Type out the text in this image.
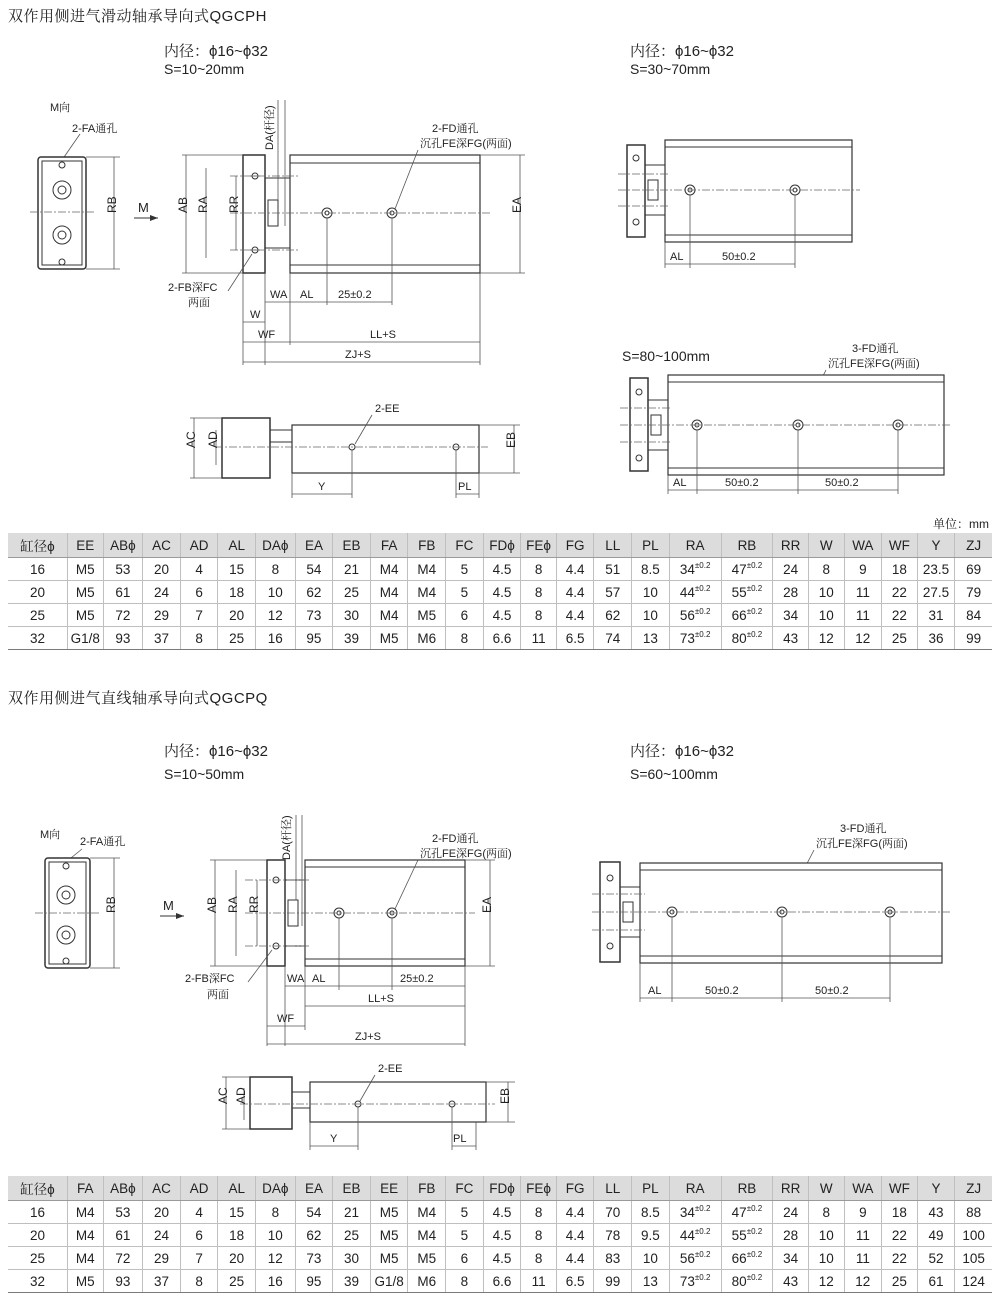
双作用侧进气滑动轴承导向式QGCPH
内径：ϕ16~ϕ32
S=10~20mm
内径：ϕ16~ϕ32
S=30~70mm
S=80~100mm
M向
2-FA通孔
RB M AB RA RR
DA(杆径)	2-FD通孔
沉孔FE深FG(两面)
EA
2-FB深FC
两面
WA AL 25±0.2
W
WF	LL+S
ZJ+S
AC AD
2-EE
EB
Y	PL
AL	50±0.2
3-FD通孔
沉孔FE深FG(两面)
AL	50±0.2	50±0.2
单位：mm
缸径ϕ	EE	ABϕ	AC	AD	AL	DAϕ	EA	EB	FA	FB	FC	FDϕ	FEϕ	FG	LL	PL	RA	RB	RR	W	WA	WF	Y	ZJ
16	M5	53	20	4	15	8	54	21	M4	M4	5	4.5	8	4.4	51	8.5	$34^{\pm 0.2}$	$47^{\pm 0.2}$	24	8	9	18	23.5	69
20	M5	61	24	6	18	10	62	25	M4	M4	5	4.5	8	4.4	57	10	$44^{\pm 0.2}$	$55^{\pm 0.2}$	28	10	11	22	27.5	79
25	M5	72	29	7	20	12	73	30	M4	M5	6	4.5	8	4.4	62	10	$56^{\pm 0.2}$	$66^{\pm 0.2}$	34	10	11	22	31	84
32	G1/8	93	37	8	25	16	95	39	M5	M6	8	6.6	11	6.5	74	13	$73^{\pm 0.2}$	$80^{\pm 0.2}$	43	12	12	25	36	99
双作用侧进气直线轴承导向式QGCPQ
内径：ϕ16~ϕ32
S=10~50mm
内径：ϕ16~ϕ32
S=60~100mm
M向
2-FA通孔
RB	M	AB RA RR
DA(杆径)	2-FD通孔
沉孔FE深FG(两面)
EA
2-FB深FC
两面
WA AL	25±0.2
LL+S
WF
ZJ+S
AC AD
2-EE
EB
Y	PL
3-FD通孔
沉孔FE深FG(两面)
AL	50±0.2	50±0.2
缸径ϕ	FA	ABϕ	AC	AD	AL	DAϕ	EA	EB	EE	FB	FC	FDϕ	FEϕ	FG	LL	PL	RA	RB	RR	W	WA	WF	Y	ZJ
16	M4	53	20	4	15	8	54	21	M5	M4	5	4.5	8	4.4	70	8.5	$34^{\pm 0.2}$	$47^{\pm 0.2}$	24	8	9	18	43	88
20	M4	61	24	6	18	10	62	25	M5	M4	5	4.5	8	4.4	78	9.5	$44^{\pm 0.2}$	$55^{\pm 0.2}$	28	10	11	22	49	100
25	M4	72	29	7	20	12	73	30	M5	M5	6	4.5	8	4.4	83	10	$56^{\pm 0.2}$	$66^{\pm 0.2}$	34	10	11	22	52	105
32	M5	93	37	8	25	16	95	39	G1/8	M6	8	6.6	11	6.5	99	13	$73^{\pm 0.2}$	$80^{\pm 0.2}$	43	12	12	25	61	124
